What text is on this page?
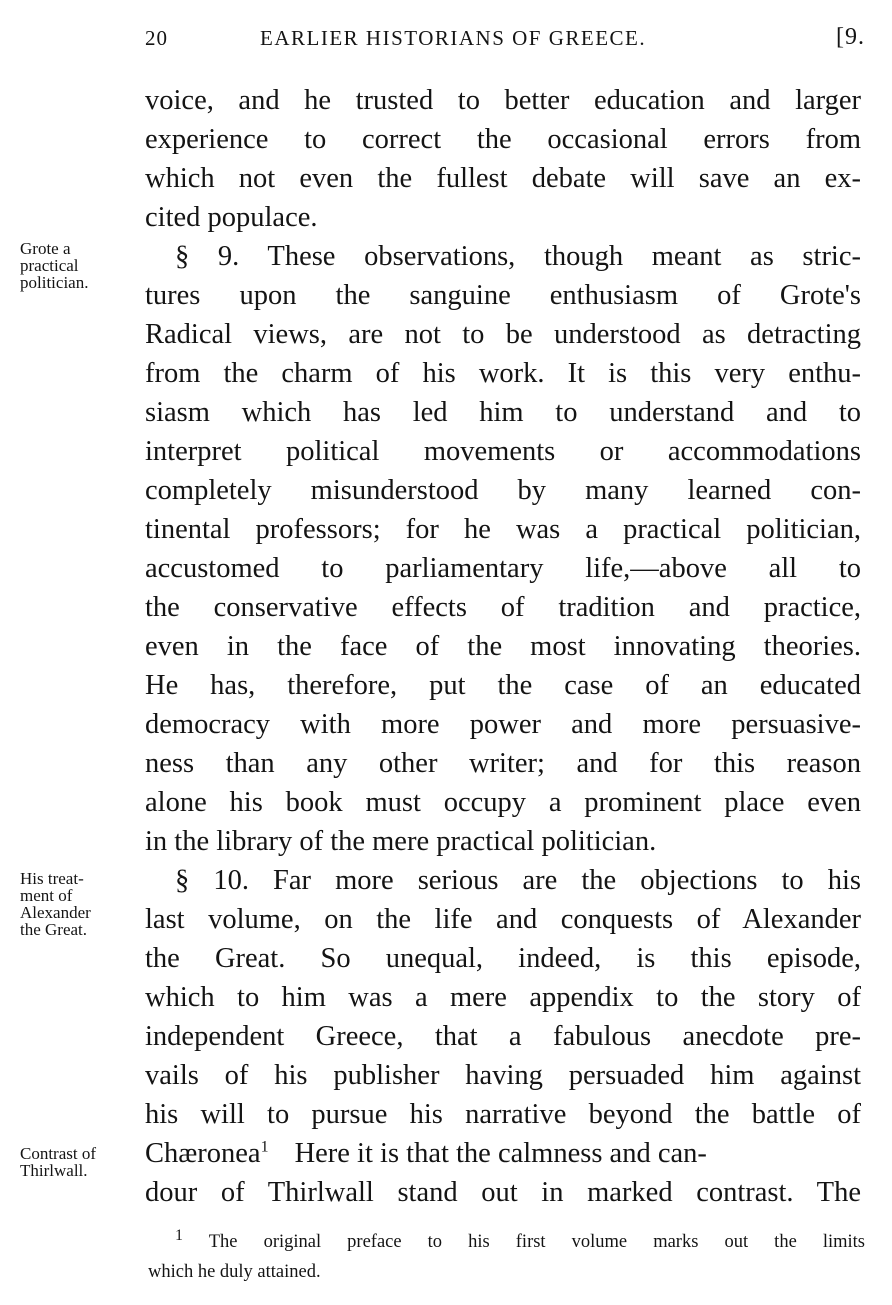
20	EARLIER HISTORIANS OF GREECE.	[9.
Grote a
practical
politician.
His treat-
ment of
Alexander
the Great.
Contrast of
Thirlwall.
voice, and he trusted to better education and larger
experience to correct the occasional errors from
which not even the fullest debate will save an ex-
cited populace.
§ 9. These observations, though meant as stric-
tures upon the sanguine enthusiasm of Grote's
Radical views, are not to be understood as detracting
from the charm of his work. It is this very enthu-
siasm which has led him to understand and to
interpret political movements or accommodations
completely misunderstood by many learned con-
tinental professors; for he was a practical politician,
accustomed to parliamentary life,—above all to
the conservative effects of tradition and practice,
even in the face of the most innovating theories.
He has, therefore, put the case of an educated
democracy with more power and more persuasive-
ness than any other writer; and for this reason
alone his book must occupy a prominent place even
in the library of the mere practical politician.
§ 10. Far more serious are the objections to his
last volume, on the life and conquests of Alexander
the Great. So unequal, indeed, is this episode,
which to him was a mere appendix to the story of
independent Greece, that a fabulous anecdote pre-
vails of his publisher having persuaded him against
his will to pursue his narrative beyond the battle of
Chæronea$^1$ Here it is that the calmness and can-
dour of Thirlwall stand out in marked contrast. The
$^1$ The original preface to his first volume marks out the limits
which he duly attained.
